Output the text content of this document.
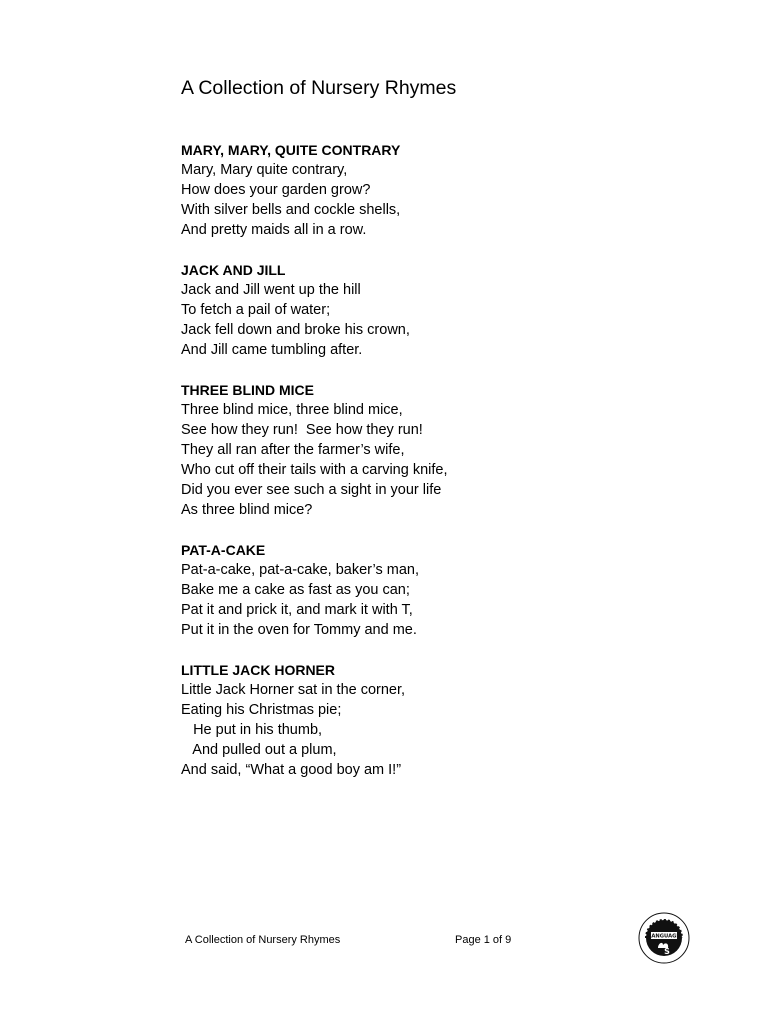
A Collection of Nursery Rhymes
MARY, MARY, QUITE CONTRARY
Mary, Mary quite contrary,
How does your garden grow?
With silver bells and cockle shells,
And pretty maids all in a row.
JACK AND JILL
Jack and Jill went up the hill
To fetch a pail of water;
Jack fell down and broke his crown,
And Jill came tumbling after.
THREE BLIND MICE
Three blind mice, three blind mice,
See how they run!  See how they run!
They all ran after the farmer’s wife,
Who cut off their tails with a carving knife,
Did you ever see such a sight in your life
As three blind mice?
PAT-A-CAKE
Pat-a-cake, pat-a-cake, baker’s man,
Bake me a cake as fast as you can;
Pat it and prick it, and mark it with T,
Put it in the oven for Tommy and me.
LITTLE JACK HORNER
Little Jack Horner sat in the corner,
Eating his Christmas pie;
He put in his thumb,
And pulled out a plum,
And said, “What a good boy am I!”
A Collection of Nursery Rhymes	Page 1 of 9	LANGUAGE
S
